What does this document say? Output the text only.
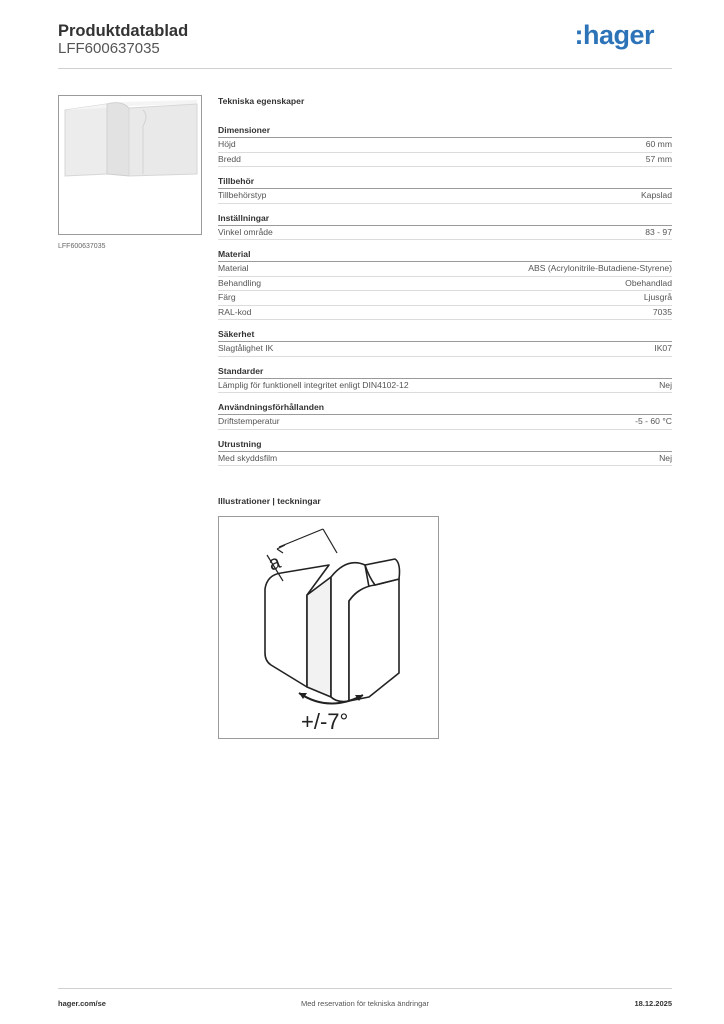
Produktdatablad
LFF600637035	:hager
LFF600637035
Tekniska egenskaper
Dimensioner
Höjd	60 mm
Bredd	57 mm
Tillbehör
Tillbehörstyp	Kapslad
Inställningar
Vinkel område	83 - 97
Material
Material	ABS (Acrylonitrile-Butadiene-Styrene)
Behandling	Obehandlad
Färg	Ljusgrå
RAL-kod	7035
Säkerhet
Slagtålighet IK	IK07
Standarder
Lämplig för funktionell integritet enligt DIN4102-12	Nej
Användningsförhållanden
Driftstemperatur	-5 - 60 °C
Utrustning
Med skyddsfilm	Nej
Illustrationer | teckningar
a
+/-7°
hager.com/se	Med reservation för tekniska ändringar	18.12.2025
